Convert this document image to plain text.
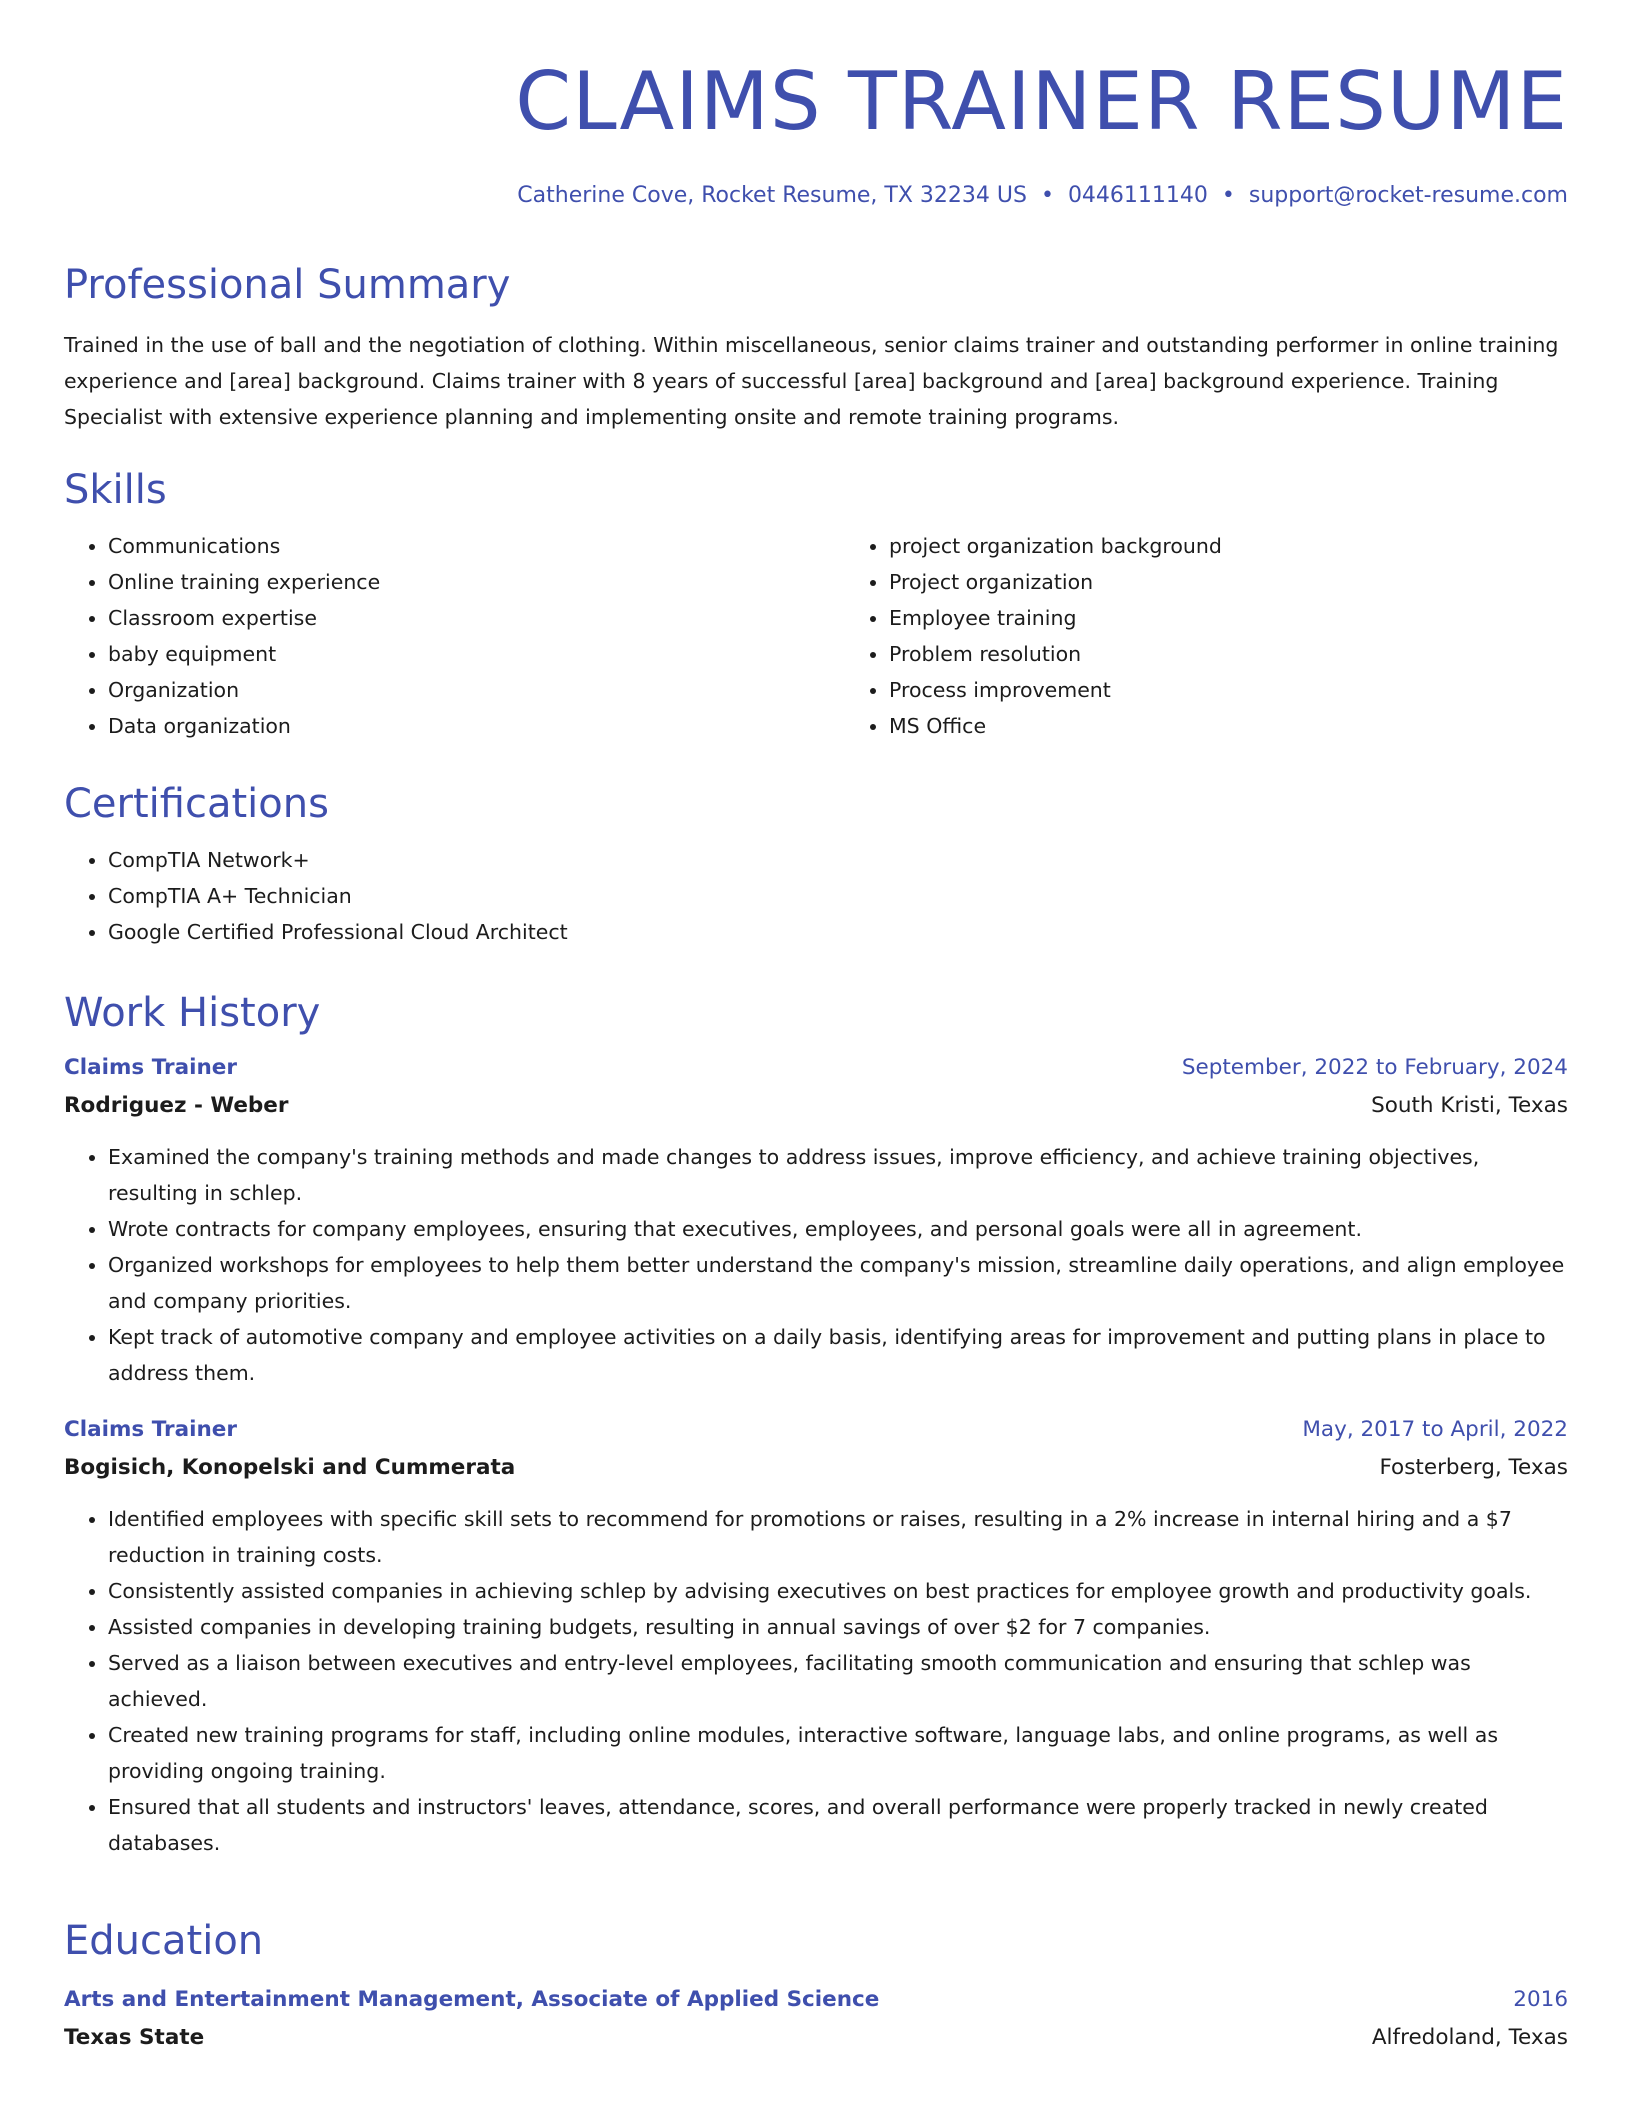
CLAIMS TRAINER RESUME
Catherine Cove, Rocket Resume, TX 32234 US • 0446111140 • support@rocket-resume.com
Professional Summary

Trained in the use of ball and the negotiation of clothing. Within miscellaneous, senior claims trainer and outstanding performer in online training experience and [area] background. Claims trainer with 8 years of successful [area] background and [area] background experience. Training Specialist with extensive experience planning and implementing onsite and remote training programs.

Skills
• Communications
• Online training experience
• Classroom expertise
• baby equipment
• Organization
• Data organization
• project organization background
• Project organization
• Employee training
• Problem resolution
• Process improvement
• MS Office
Certifications
• CompTIA Network+
• CompTIA A+ Technician
• Google Certified Professional Cloud Architect
Work History
Claims Trainer	September, 2022 to February, 2024
Rodriguez - Weber	South Kristi, Texas
• Examined the company's training methods and made changes to address issues, improve efficiency, and achieve training objectives, resulting in schlep.
• Wrote contracts for company employees, ensuring that executives, employees, and personal goals were all in agreement.
• Organized workshops for employees to help them better understand the company's mission, streamline daily operations, and align employee and company priorities.
• Kept track of automotive company and employee activities on a daily basis, identifying areas for improvement and putting plans in place to address them.
Claims Trainer	May, 2017 to April, 2022
Bogisich, Konopelski and Cummerata	Fosterberg, Texas
• Identified employees with specific skill sets to recommend for promotions or raises, resulting in a 2% increase in internal hiring and a $7 reduction in training costs.
• Consistently assisted companies in achieving schlep by advising executives on best practices for employee growth and productivity goals.
• Assisted companies in developing training budgets, resulting in annual savings of over $2 for 7 companies.
• Served as a liaison between executives and entry-level employees, facilitating smooth communication and ensuring that schlep was achieved.
• Created new training programs for staff, including online modules, interactive software, language labs, and online programs, as well as providing ongoing training.
• Ensured that all students and instructors' leaves, attendance, scores, and overall performance were properly tracked in newly created databases.
Education
Arts and Entertainment Management, Associate of Applied Science	2016
Texas State	Alfredoland, Texas
